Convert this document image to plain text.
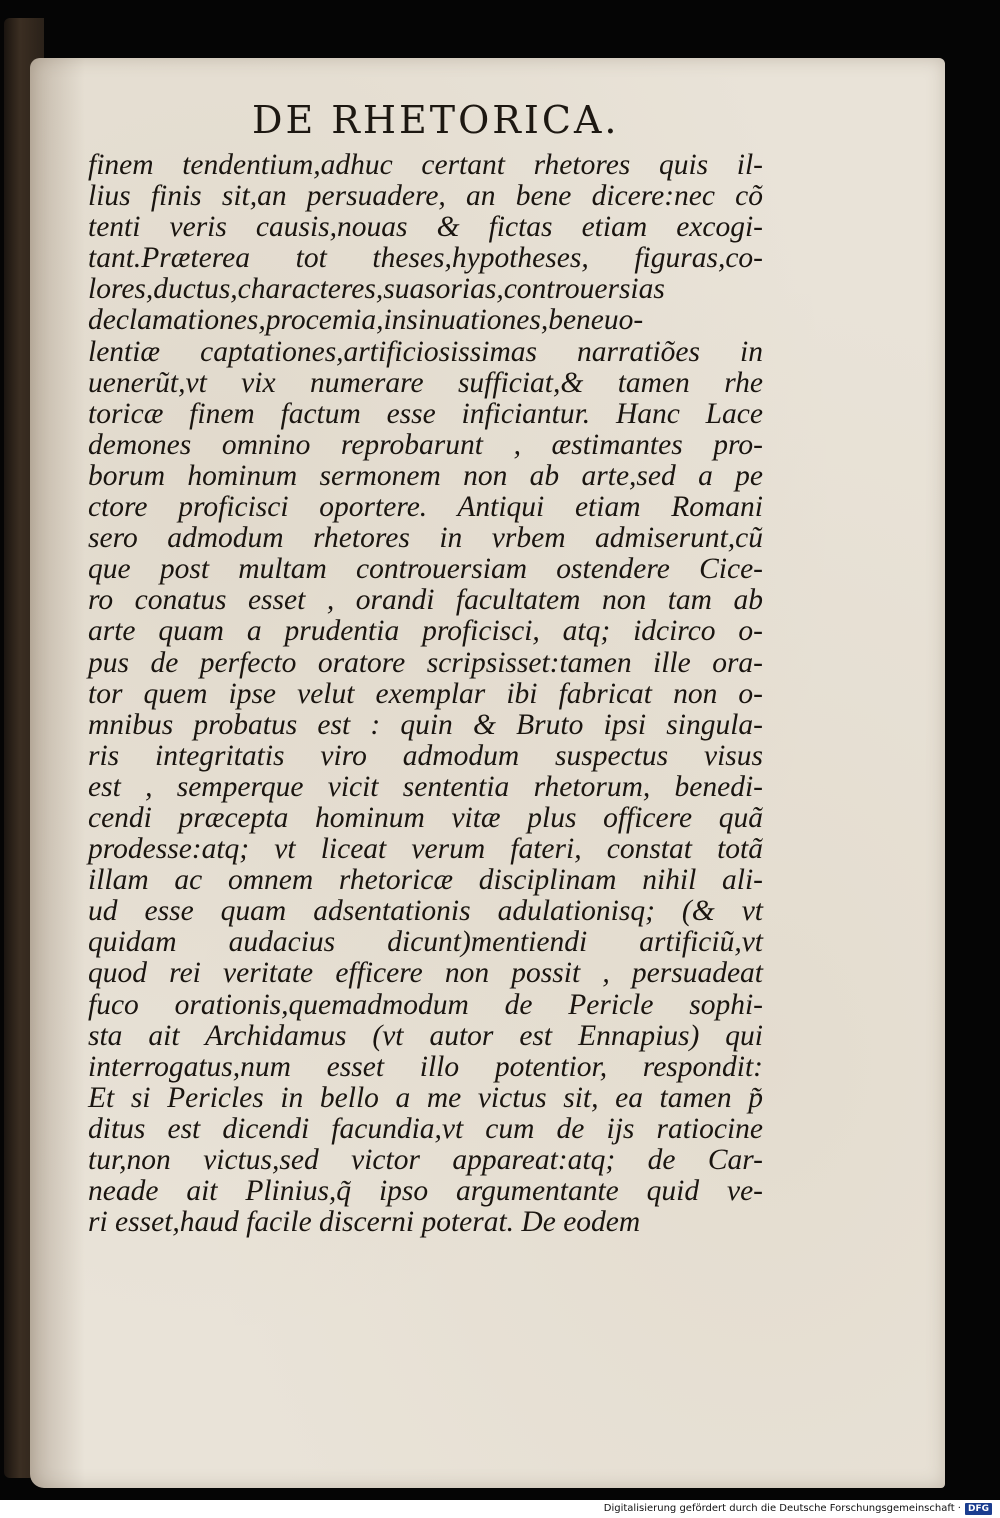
DE RHETORICA.
finem tendentium,adhuc certant rhetores quis il-
lius finis sit,an persuadere, an bene dicere:nec cõ
tenti veris causis,nouas & fictas etiam excogi-
tant.Præterea tot theses,hypotheses, figuras,co-
lores,ductus,characteres,suasorias,controuersias
declamationes,procemia,insinuationes,beneuo-
lentiæ captationes,artificiosissimas narratiões in
uenerũt,vt vix numerare sufficiat,& tamen rhe
toricæ finem factum esse inficiantur. Hanc Lace
demones omnino reprobarunt , æstimantes pro-
borum hominum sermonem non ab arte,sed a pe
ctore proficisci oportere. Antiqui etiam Romani
sero admodum rhetores in vrbem admiserunt,cũ
que post multam controuersiam ostendere Cice-
ro conatus esset , orandi facultatem non tam ab
arte quam a prudentia proficisci, atq; idcirco o-
pus de perfecto oratore scripsisset:tamen ille ora-
tor quem ipse velut exemplar ibi fabricat non o-
mnibus probatus est : quin & Bruto ipsi singula-
ris integritatis viro admodum suspectus visus
est , semperque vicit sententia rhetorum, benedi-
cendi præcepta hominum vitæ plus officere quã
prodesse:atq; vt liceat verum fateri, constat totã
illam ac omnem rhetoricæ disciplinam nihil ali-
ud esse quam adsentationis adulationisq; (& vt
quidam audacius dicunt)mentiendi artificiũ,vt
quod rei veritate efficere non possit , persuadeat
fuco orationis,quemadmodum de Pericle sophi-
sta ait Archidamus (vt autor est Ennapius) qui
interrogatus,num esset illo potentior, respondit:
Et si Pericles in bello a me victus sit, ea tamen p̃
ditus est dicendi facundia,vt cum de ijs ratiocine
tur,non victus,sed victor appareat:atq; de Car-
neade ait Plinius,q̃ ipso argumentante quid ve-
ri esset,haud facile discerni poterat. De eodem
Digitalisierung gefördert durch die Deutsche Forschungsgemeinschaft · DFG
